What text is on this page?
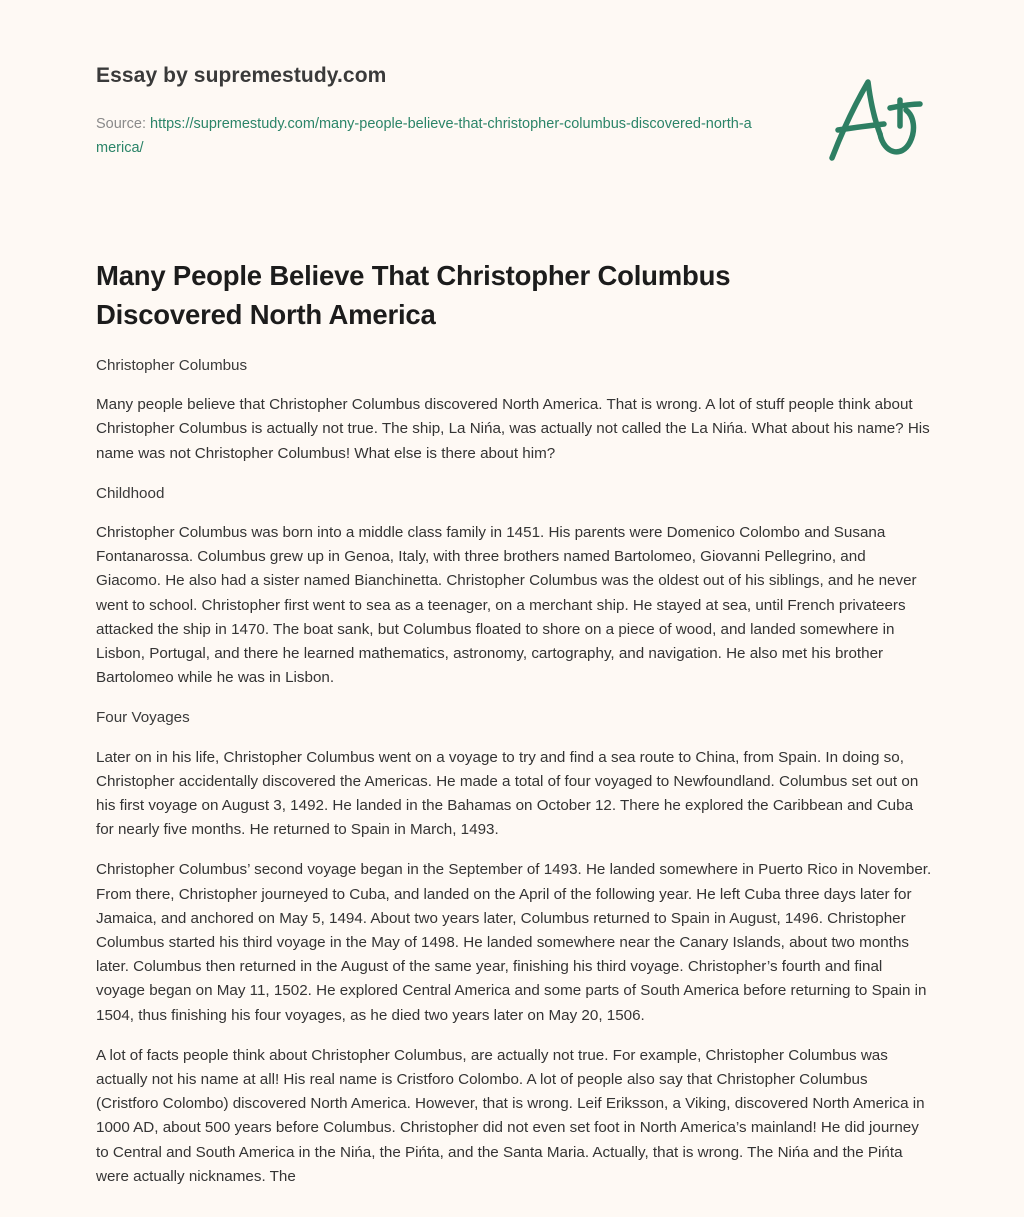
Essay by supremestudy.com
Source: https://supremestudy.com/many-people-believe-that-christopher-columbus-discovered-north-america/
Many People Believe That Christopher Columbus Discovered North America

Christopher Columbus

Many people believe that Christopher Columbus discovered North America. That is wrong. A lot of stuff people think about Christopher Columbus is actually not true. The ship, La Nińa, was actually not called the La Nińa. What about his name? His name was not Christopher Columbus! What else is there about him?

Childhood

Christopher Columbus was born into a middle class family in 1451. His parents were Domenico Colombo and Susana Fontanarossa. Columbus grew up in Genoa, Italy, with three brothers named Bartolomeo, Giovanni Pellegrino, and Giacomo. He also had a sister named Bianchinetta. Christopher Columbus was the oldest out of his siblings, and he never went to school. Christopher first went to sea as a teenager, on a merchant ship. He stayed at sea, until French privateers attacked the ship in 1470. The boat sank, but Columbus floated to shore on a piece of wood, and landed somewhere in Lisbon, Portugal, and there he learned mathematics, astronomy, cartography, and navigation. He also met his brother Bartolomeo while he was in Lisbon.

Four Voyages

Later on in his life, Christopher Columbus went on a voyage to try and find a sea route to China, from Spain. In doing so, Christopher accidentally discovered the Americas. He made a total of four voyaged to Newfoundland. Columbus set out on his first voyage on August 3, 1492. He landed in the Bahamas on October 12. There he explored the Caribbean and Cuba for nearly five months. He returned to Spain in March, 1493.

Christopher Columbus’ second voyage began in the September of 1493. He landed somewhere in Puerto Rico in November. From there, Christopher journeyed to Cuba, and landed on the April of the following year. He left Cuba three days later for Jamaica, and anchored on May 5, 1494. About two years later, Columbus returned to Spain in August, 1496. Christopher Columbus started his third voyage in the May of 1498. He landed somewhere near the Canary Islands, about two months later. Columbus then returned in the August of the same year, finishing his third voyage. Christopher’s fourth and final voyage began on May 11, 1502. He explored Central America and some parts of South America before returning to Spain in 1504, thus finishing his four voyages, as he died two years later on May 20, 1506.

A lot of facts people think about Christopher Columbus, are actually not true. For example, Christopher Columbus was actually not his name at all! His real name is Cristforo Colombo. A lot of people also say that Christopher Columbus (Cristforo Colombo) discovered North America. However, that is wrong. Leif Eriksson, a Viking, discovered North America in 1000 AD, about 500 years before Columbus. Christopher did not even set foot in North America’s mainland! He did journey to Central and South America in the Nińa, the Pińta, and the Santa Maria. Actually, that is wrong. The Nińa and the Pińta were actually nicknames. The
